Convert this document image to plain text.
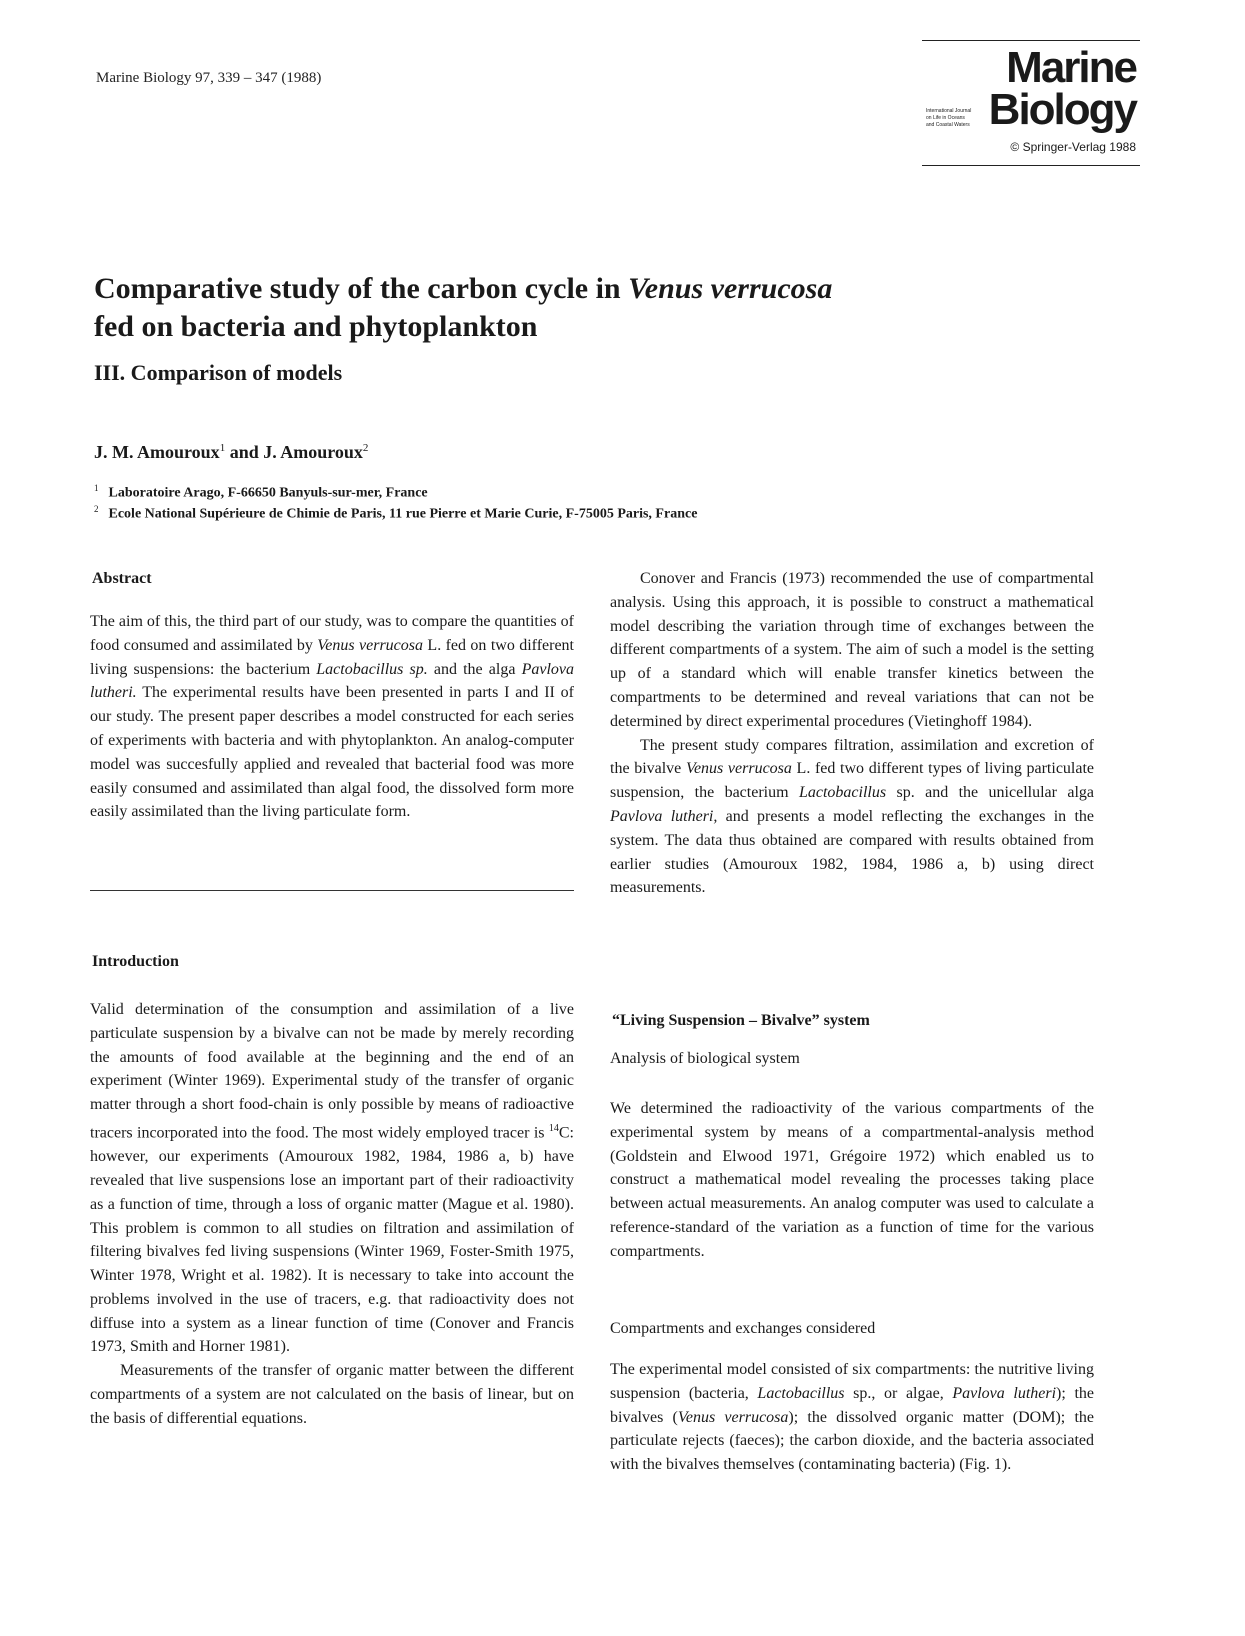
Marine Biology 97, 339 – 347 (1988)	Marine
International Journal
on Life in Oceans
and Coastal Waters Biology
© Springer-Verlag 1988
Comparative study of the carbon cycle in Venus verrucosa
fed on bacteria and phytoplankton
III. Comparison of models
J. M. Amouroux$^1$ and J. Amouroux$^2$
$^1$ Laboratoire Arago, F-66650 Banyuls-sur-mer, France
$^2$ Ecole National Supérieure de Chimie de Paris, 11 rue Pierre et Marie Curie, F-75005 Paris, France
Abstract

The aim of this, the third part of our study, was to compare the quantities of food consumed and assimilated by Venus verrucosa L. fed on two different living suspensions: the bacterium Lactobacillus sp. and the alga Pavlova lutheri. The experimental results have been presented in parts I and II of our study. The present paper describes a model constructed for each series of experiments with bacteria and with phytoplankton. An analog-computer model was succesfully applied and revealed that bacterial food was more easily consumed and assimilated than algal food, the dissolved form more easily assimilated than the living particulate form.

Introduction

Valid determination of the consumption and assimilation of a live particulate suspension by a bivalve can not be made by merely recording the amounts of food available at the beginning and the end of an experiment (Winter 1969). Experimental study of the transfer of organic matter through a short food-chain is only possible by means of radioactive tracers incorporated into the food. The most widely employed tracer is $^{14}$C: however, our experiments (Amouroux 1982, 1984, 1986 a, b) have revealed that live suspensions lose an important part of their radioactivity as a function of time, through a loss of organic matter (Mague et al. 1980). This problem is common to all studies on filtration and assimilation of filtering bivalves fed living suspensions (Winter 1969, Foster-Smith 1975, Winter 1978, Wright et al. 1982). It is necessary to take into account the problems involved in the use of tracers, e.g. that radioactivity does not diffuse into a system as a linear function of time (Conover and Francis 1973, Smith and Horner 1981).

Measurements of the transfer of organic matter between the different compartments of a system are not calculated on the basis of linear, but on the basis of differential equations.

Conover and Francis (1973) recommended the use of compartmental analysis. Using this approach, it is possible to construct a mathematical model describing the variation through time of exchanges between the different compartments of a system. The aim of such a model is the setting up of a standard which will enable transfer kinetics between the compartments to be determined and reveal variations that can not be determined by direct experimental procedures (Vietinghoff 1984).

The present study compares filtration, assimilation and excretion of the bivalve Venus verrucosa L. fed two different types of living particulate suspension, the bacterium Lactobacillus sp. and the unicellular alga Pavlova lutheri, and presents a model reflecting the exchanges in the system. The data thus obtained are compared with results obtained from earlier studies (Amouroux 1982, 1984, 1986 a, b) using direct measurements.

“Living Suspension – Bivalve” system
Analysis of biological system
We determined the radioactivity of the various compartments of the experimental system by means of a compartmental-analysis method (Goldstein and Elwood 1971, Grégoire 1972) which enabled us to construct a mathematical model revealing the processes taking place between actual measurements. An analog computer was used to calculate a reference-standard of the variation as a function of time for the various compartments.
Compartments and exchanges considered

The experimental model consisted of six compartments: the nutritive living suspension (bacteria, Lactobacillus sp., or algae, Pavlova lutheri); the bivalves (Venus verrucosa); the dissolved organic matter (DOM); the particulate rejects (faeces); the carbon dioxide, and the bacteria associated with the bivalves themselves (contaminating bacteria) (Fig. 1).
